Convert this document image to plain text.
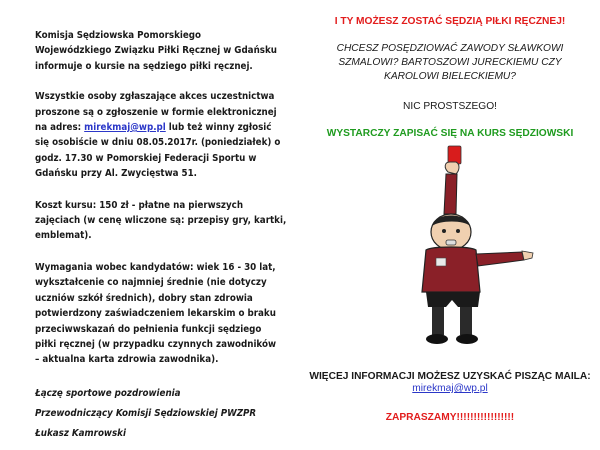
Komisja Sędziowska Pomorskiego

Wojewódzkiego Związku Piłki Ręcznej w Gdańsku

informuje o kursie na sędziego piłki ręcznej.

Wszystkie osoby zgłaszające akces uczestnictwa

proszone są o zgłoszenie w formie elektronicznej

na adres: mirekmaj@wp.pl lub też winny zgłosić

się osobiście w dniu 08.05.2017r. (poniedziałek) o

godz. 17.30 w Pomorskiej Federacji Sportu w

Gdańsku przy Al. Zwycięstwa 51.

Koszt kursu: 150 zł - płatne na pierwszych

zajęciach (w cenę wliczone są: przepisy gry, kartki,

emblemat).

Wymagania wobec kandydatów: wiek 16 - 30 lat,

wykształcenie co najmniej średnie (nie dotyczy

uczniów szkół średnich), dobry stan zdrowia

potwierdzony zaświadczeniem lekarskim o braku

przeciwwskazań do pełnienia funkcji sędziego

piłki ręcznej (w przypadku czynnych zawodników

– aktualna karta zdrowia zawodnika).

Łączę sportowe pozdrowienia

Przewodniczący Komisji Sędziowskiej PWZPR

Łukasz Kamrowski

I TY MOŻESZ ZOSTAĆ SĘDZIĄ PIŁKI RĘCZNEJ!
CHCESZ POSĘDZIOWAĆ ZAWODY SŁAWKOWI
SZMALOWI? BARTOSZOWI JURECKIEMU CZY
KAROLOWI BIELECKIEMU?
NIC PROSTSZEGO!
WYSTARCZY ZAPISAĆ SIĘ NA KURS SĘDZIOWSKI
WIĘCEJ INFORMACJI MOŻESZ UZYSKAĆ PISZĄC MAILA:
mirekmaj@wp.pl
ZAPRASZAMY!!!!!!!!!!!!!!!!!
